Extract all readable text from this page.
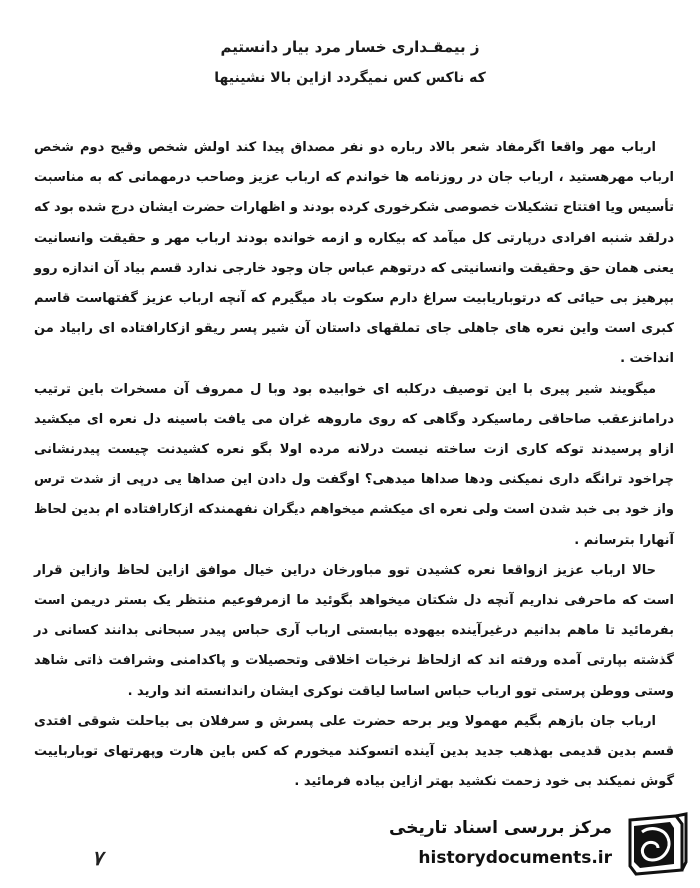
ز بیمقـداری خسار مرد بیار دانستیم
که ناکس کس نمیگردد ازاین بالا نشینیها

ارباب مهر واقعا اگرمفاد شعر بالاد رباره دو نفر مصداق پیدا کند اولش شخص وقیح دوم شخص ارباب مهرهستید ، ارباب جان در روزنامه ها خواندم که ارباب عزیز وصاحب درمهمانی که به مناسبت تأسیس ویا افتتاح تشکیلات خصوصی شکرخوری کرده بودند و اظهارات حضرت ایشان درج شده بود که درلقد شنبه افرادی درپارتی کل میآمد که بیکاره و ازمه خوانده بودند ارباب مهر و حقیقت وانسانیت یعنی همان حق وحقیقت وانسانیتی که درتوهم عباس جان وجود خارجی ندارد قسم بیاد آن اندازه روو بپرهیز بی حیائی که درتوباریابیت سراغ دارم سکوت باد میگیرم که آنچه ارباب عزیز گفتهاست قاسم کبری است واین نعره های جاهلی جای تملقهای داستان آن شیر پسر ریقو ازکارافتاده ای رابیاد من انداخت .

میگویند شیر پیری با این توصیف درکلبه ای خوابیده بود وبا ل ممروف آن مسخرات باین ترتیب درامانزعقب صاحاقی رماسیکرد وگاهی که روی ماروهه غران می یافت باسینه دل نعره ای میکشید ازاو پرسیدند توکه کاری ازت ساخته نیست درلانه مرده اولا بگو نعره کشیدنت چیست پیدرنشانی چراخود ترانگه داری نمیکنی ودها صداها میدهی؟ اوگفت ول دادن این صداها یی درپی از شدت ترس واز خود بی خبد شدن است ولی نعره ای میکشم میخواهم دیگران نفهمندکه ازکارافتاده ام بدین لحاظ آنهارا بترسانم .

حالا ارباب عزیز ازواقعا نعره کشیدن توو مباورخان دراین خیال موافق ازاین لحاظ وازاین قرار است که ماحرفی نداریم آنچه دل شکتان میخواهد بگوئید ما ازمرفوعیم منتظر یک بستر دریمن است بفرمائید تا ماهم بدانیم درغیرآینده بیهوده بیابستی ارباب آری حباس پیدر سبحانی بدانند کسانی در گذشته بپارتی آمده ورفته اند که ازلحاظ نرخیات اخلاقی وتحصیلات و پاکدامنی وشرافت ذاتی شاهد وستی ووطن پرستی توو ارباب حباس اساسا لیاقت نوکری ایشان راندانسته اند وارید .

ارباب جان بازهم بگیم مهمولا ویر برحه حضرت علی پسرش و سرفلان بی بیاحلت شوقی افتدی قسم بدین قدیمی بهذهب جدید بدین آینده اتسوکند میخورم که کس باین هارت وپهرتهای توبارباییت گوش نمیکند بی خود زحمت نکشید بهتر ازاین بیاده فرمائید .

۷
مرکز بررسی اسناد تاریخی
historydocuments.ir
